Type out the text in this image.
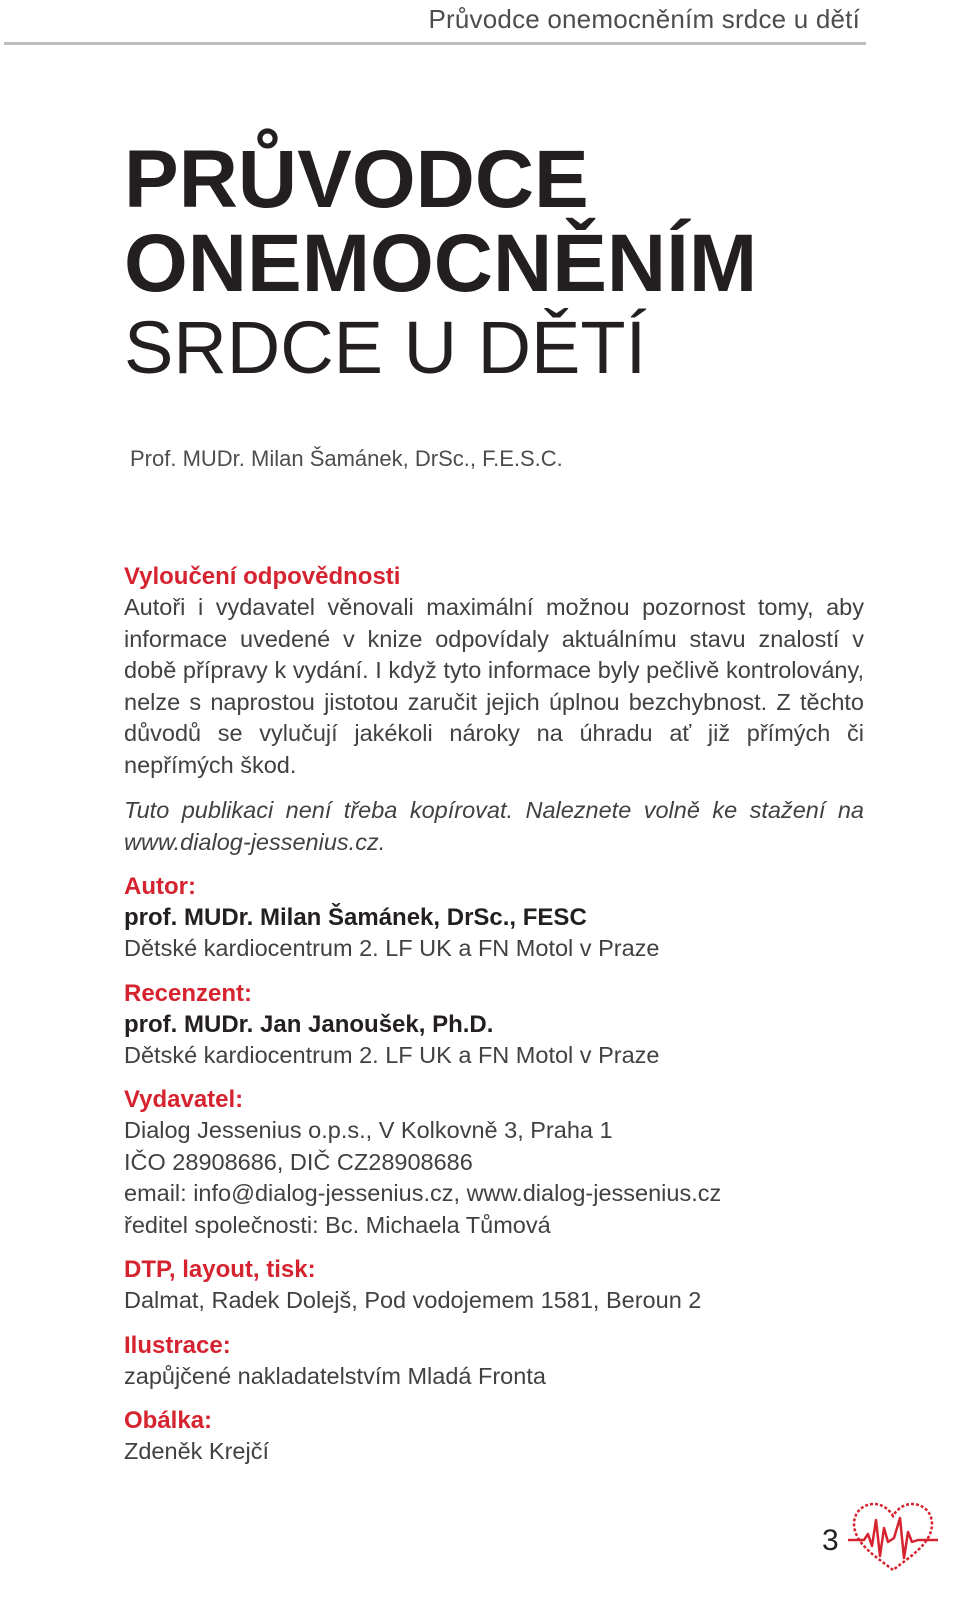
Průvodce onemocněním srdce u dětí
PRŮVODCE
ONEMOCNĚNÍM
SRDCE U DĚTÍ
Prof. MUDr. Milan Šamánek, DrSc., F.E.S.C.
Vyloučení odpovědnosti
Autoři i vydavatel věnovali maximální možnou pozornost tomy, aby informace uvedené v knize odpovídaly aktuálnímu stavu znalostí v době přípravy k vydání. I když tyto informace byly pečlivě kontrolovány, nelze s naprostou jistotou zaručit jejich úplnou bezchybnost. Z těchto důvodů se vylučují jakékoli nároky na úhradu ať již přímých či nepřímých škod.
Tuto publikaci není třeba kopírovat. Naleznete volně ke stažení na www.dialog-jessenius.cz.
Autor:
prof. MUDr. Milan Šamánek, DrSc., FESC
Dětské kardiocentrum 2. LF UK a FN Motol v Praze
Recenzent:
prof. MUDr. Jan Janoušek, Ph.D.
Dětské kardiocentrum 2. LF UK a FN Motol v Praze
Vydavatel:
Dialog Jessenius o.p.s., V Kolkovně 3, Praha 1
IČO 28908686, DIČ CZ28908686
email: info@dialog-jessenius.cz, www.dialog-jessenius.cz
ředitel společnosti: Bc. Michaela Tůmová
DTP, layout, tisk:
Dalmat, Radek Dolejš, Pod vodojemem 1581, Beroun 2
Ilustrace:
zapůjčené nakladatelstvím Mladá Fronta
Obálka:
Zdeněk Krejčí
3
